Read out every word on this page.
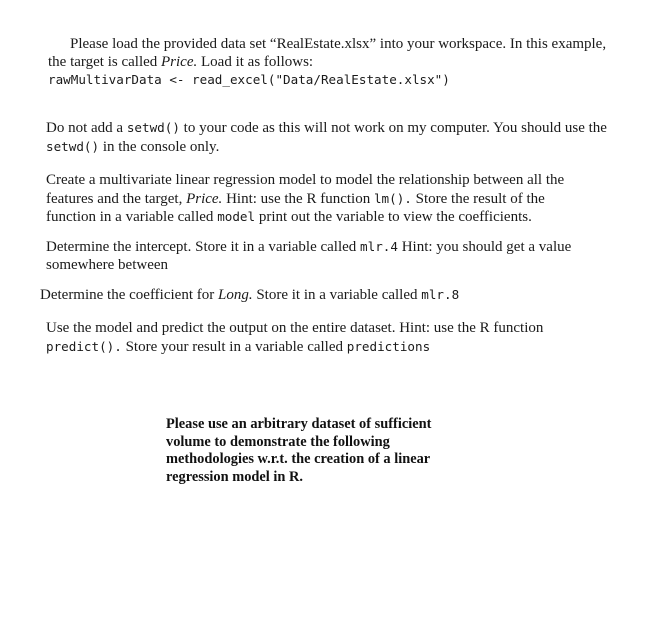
Please load the provided data set “RealEstate.xlsx” into your workspace. In this example,
the target is called Price. Load it as follows:
rawMultivarData <- read_excel("Data/RealEstate.xlsx")
Do not add a setwd() to your code as this will not work on my computer. You should use the
setwd() in the console only.
Create a multivariate linear regression model to model the relationship between all the
features and the target, Price. Hint: use the R function lm(). Store the result of the
function in a variable called model print out the variable to view the coefficients.
Determine the intercept. Store it in a variable called mlr.4 Hint: you should get a value
somewhere between
Determine the coefficient for Long. Store it in a variable called mlr.8
Use the model and predict the output on the entire dataset. Hint: use the R function
predict(). Store your result in a variable called predictions
Please use an arbitrary dataset of sufficient volume to demonstrate the following methodologies w.r.t. the creation of a linear regression model in R.
